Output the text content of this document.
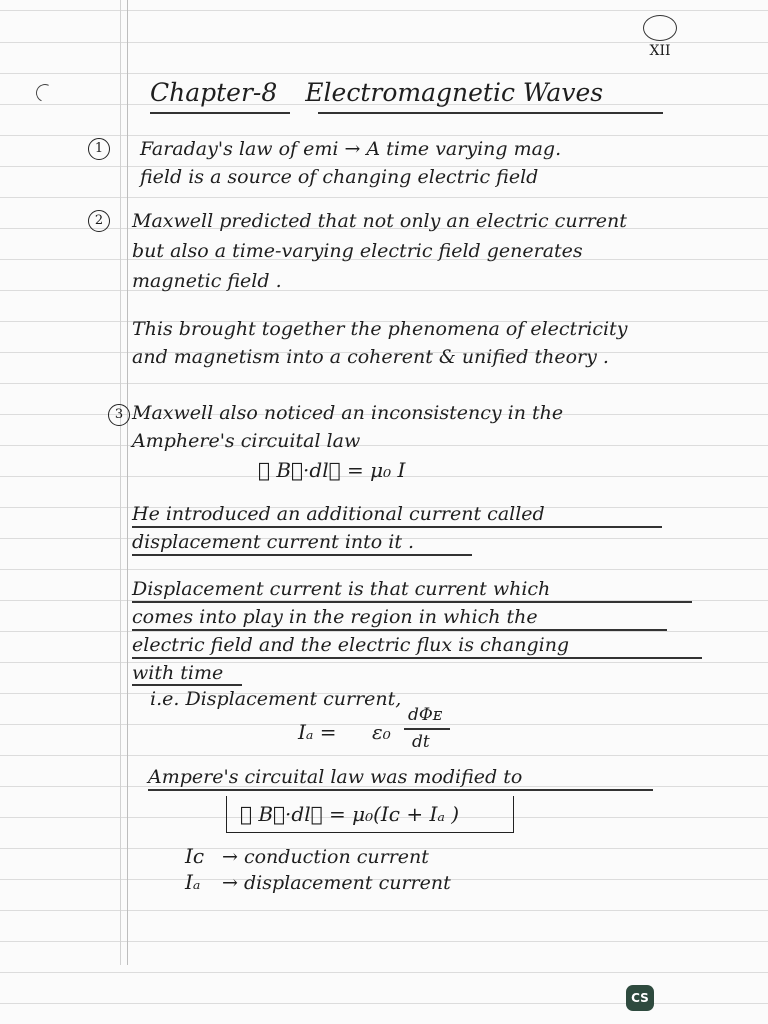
XII
Chapter-8 Electromagnetic Waves
1	Faraday's law of emi → A time varying mag.
field is a source of changing electric field
2	Maxwell predicted that not only an electric current
but also a time-varying electric field generates
magnetic field .
This brought together the phenomena of electricity
and magnetism into a coherent & unified theory .
3 Maxwell also noticed an inconsistency in the
Amphere's circuital law
∮ B⃗·dl⃗ = μ₀ I
He introduced an additional current called
displacement current into it .
Displacement current is that current which
comes into play in the region in which the
electric field and the electric flux is changing
with time
i.e. Displacement current,
Iₐ = ε₀
dΦᴇ
dt
Ampere's circuital law was modified to
∮ B⃗·dl⃗ = μ₀(Iᴄ + Iₐ )
Iᴄ → conduction current
Iₐ → displacement current
CS
